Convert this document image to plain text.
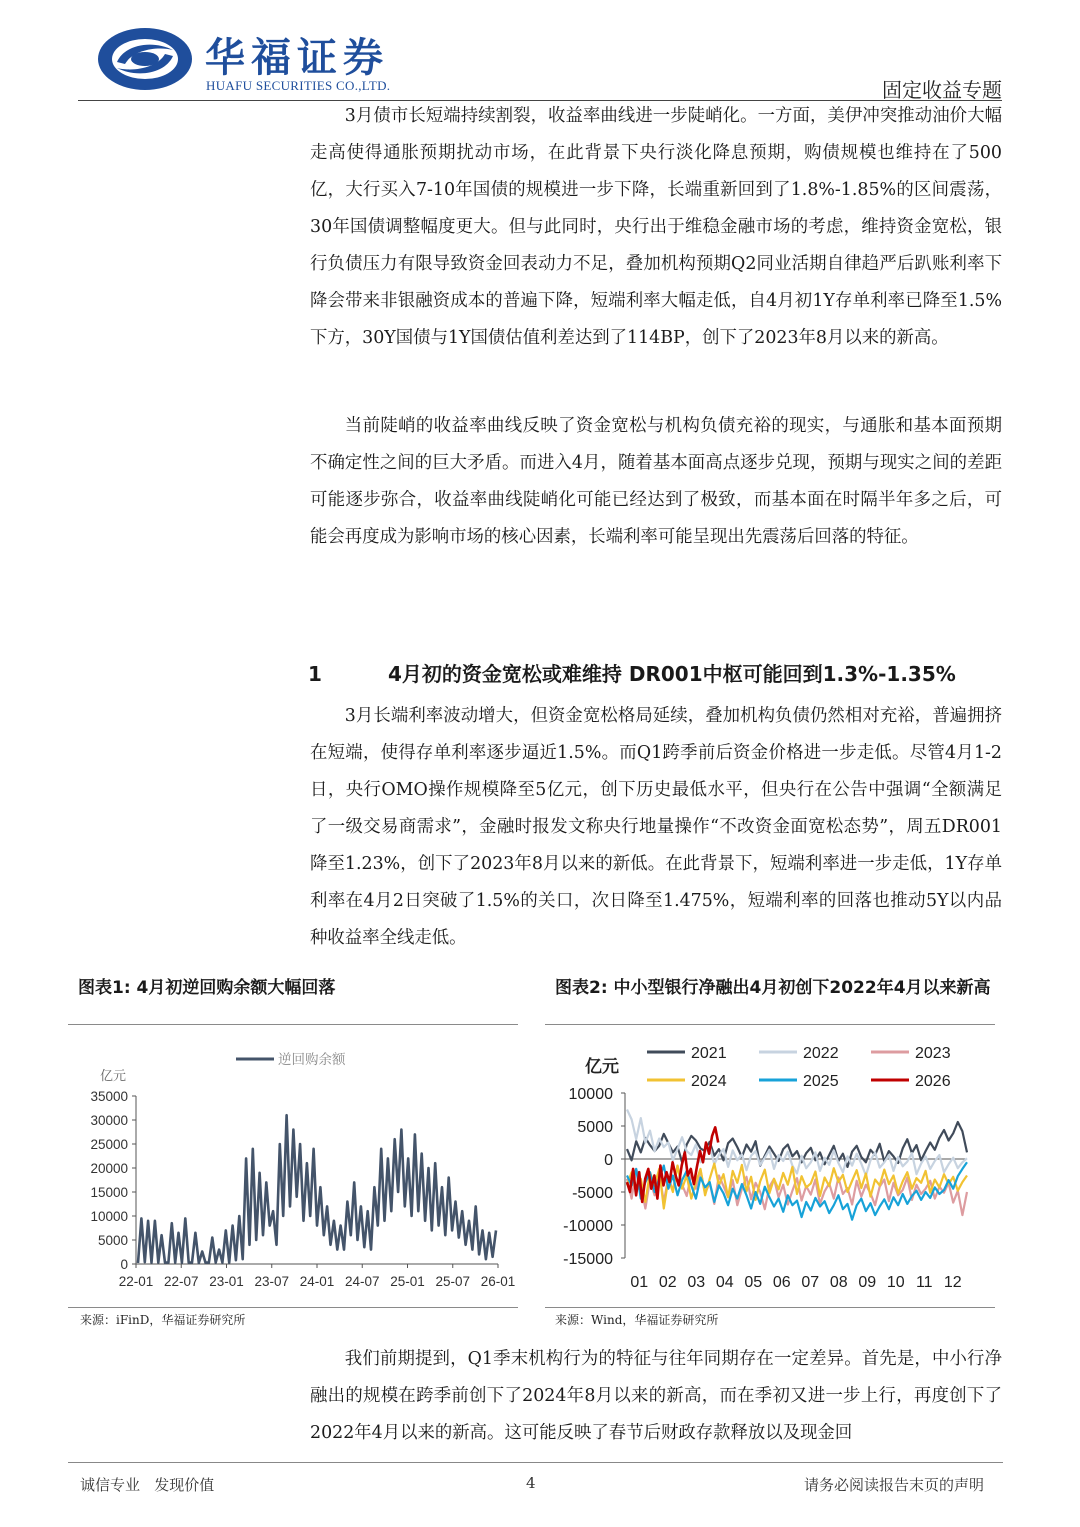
华福证券
HUAFU SECURITIES CO.,LTD.	固定收益专题

3月债市长短端持续割裂，收益率曲线进一步陡峭化。一方面，美伊冲突推动油价大幅走高使得通胀预期扰动市场，在此背景下央行淡化降息预期，购债规模也维持在了500亿，大行买入7-10年国债的规模进一步下降，长端重新回到了1.8%-1.85%的区间震荡，30年国债调整幅度更大。但与此同时，央行出于维稳金融市场的考虑，维持资金宽松，银行负债压力有限导致资金回表动力不足，叠加机构预期Q2同业活期自律趋严后趴账利率下降会带来非银融资成本的普遍下降，短端利率大幅走低，自4月初1Y存单利率已降至1.5%下方，30Y国债与1Y国债估值利差达到了114BP，创下了2023年8月以来的新高。

当前陡峭的收益率曲线反映了资金宽松与机构负债充裕的现实，与通胀和基本面预期不确定性之间的巨大矛盾。而进入4月，随着基本面高点逐步兑现，预期与现实之间的差距可能逐步弥合，收益率曲线陡峭化可能已经达到了极致，而基本面在时隔半年多之后，可能会再度成为影响市场的核心因素，长端利率可能呈现出先震荡后回落的特征。

1	4月初的资金宽松或难维持 DR001中枢可能回到1.3%-1.35%

3月长端利率波动增大，但资金宽松格局延续，叠加机构负债仍然相对充裕，普遍拥挤在短端，使得存单利率逐步逼近1.5%。而Q1跨季前后资金价格进一步走低。尽管4月1-2日，央行OMO操作规模降至5亿元，创下历史最低水平，但央行在公告中强调“全额满足了一级交易商需求”，金融时报发文称央行地量操作“不改资金面宽松态势”，周五DR001降至1.23%，创下了2023年8月以来的新低。在此背景下，短端利率进一步走低，1Y存单利率在4月2日突破了1.5%的关口，次日降至1.475%，短端利率的回落也推动5Y以内品种收益率全线走低。

图表1: 4月初逆回购余额大幅回落
亿元
35000
30000
25000
20000
15000
10000
5000
0
22-01 22-07 23-01 23-07 24-01 24-07 25-01 25-07 26-01
逆回购余额
来源：iFinD，华福证券研究所
图表2: 中小型银行净融出4月初创下2022年4月以来新高
亿元
10000
5000
0
-5000
-10000
-15000
01 02 03 04 05 06 07 08 09 10 11 12
2021	2022	2023
2024	2025	2026
来源：Wind，华福证券研究所

我们前期提到，Q1季末机构行为的特征与往年同期存在一定差异。首先是，中小行净融出的规模在跨季前创下了2024年8月以来的新高，而在季初又进一步上行，再度创下了2022年4月以来的新高。这可能反映了春节后财政存款释放以及现金回

诚信专业   发现价值	4	请务必阅读报告末页的声明
